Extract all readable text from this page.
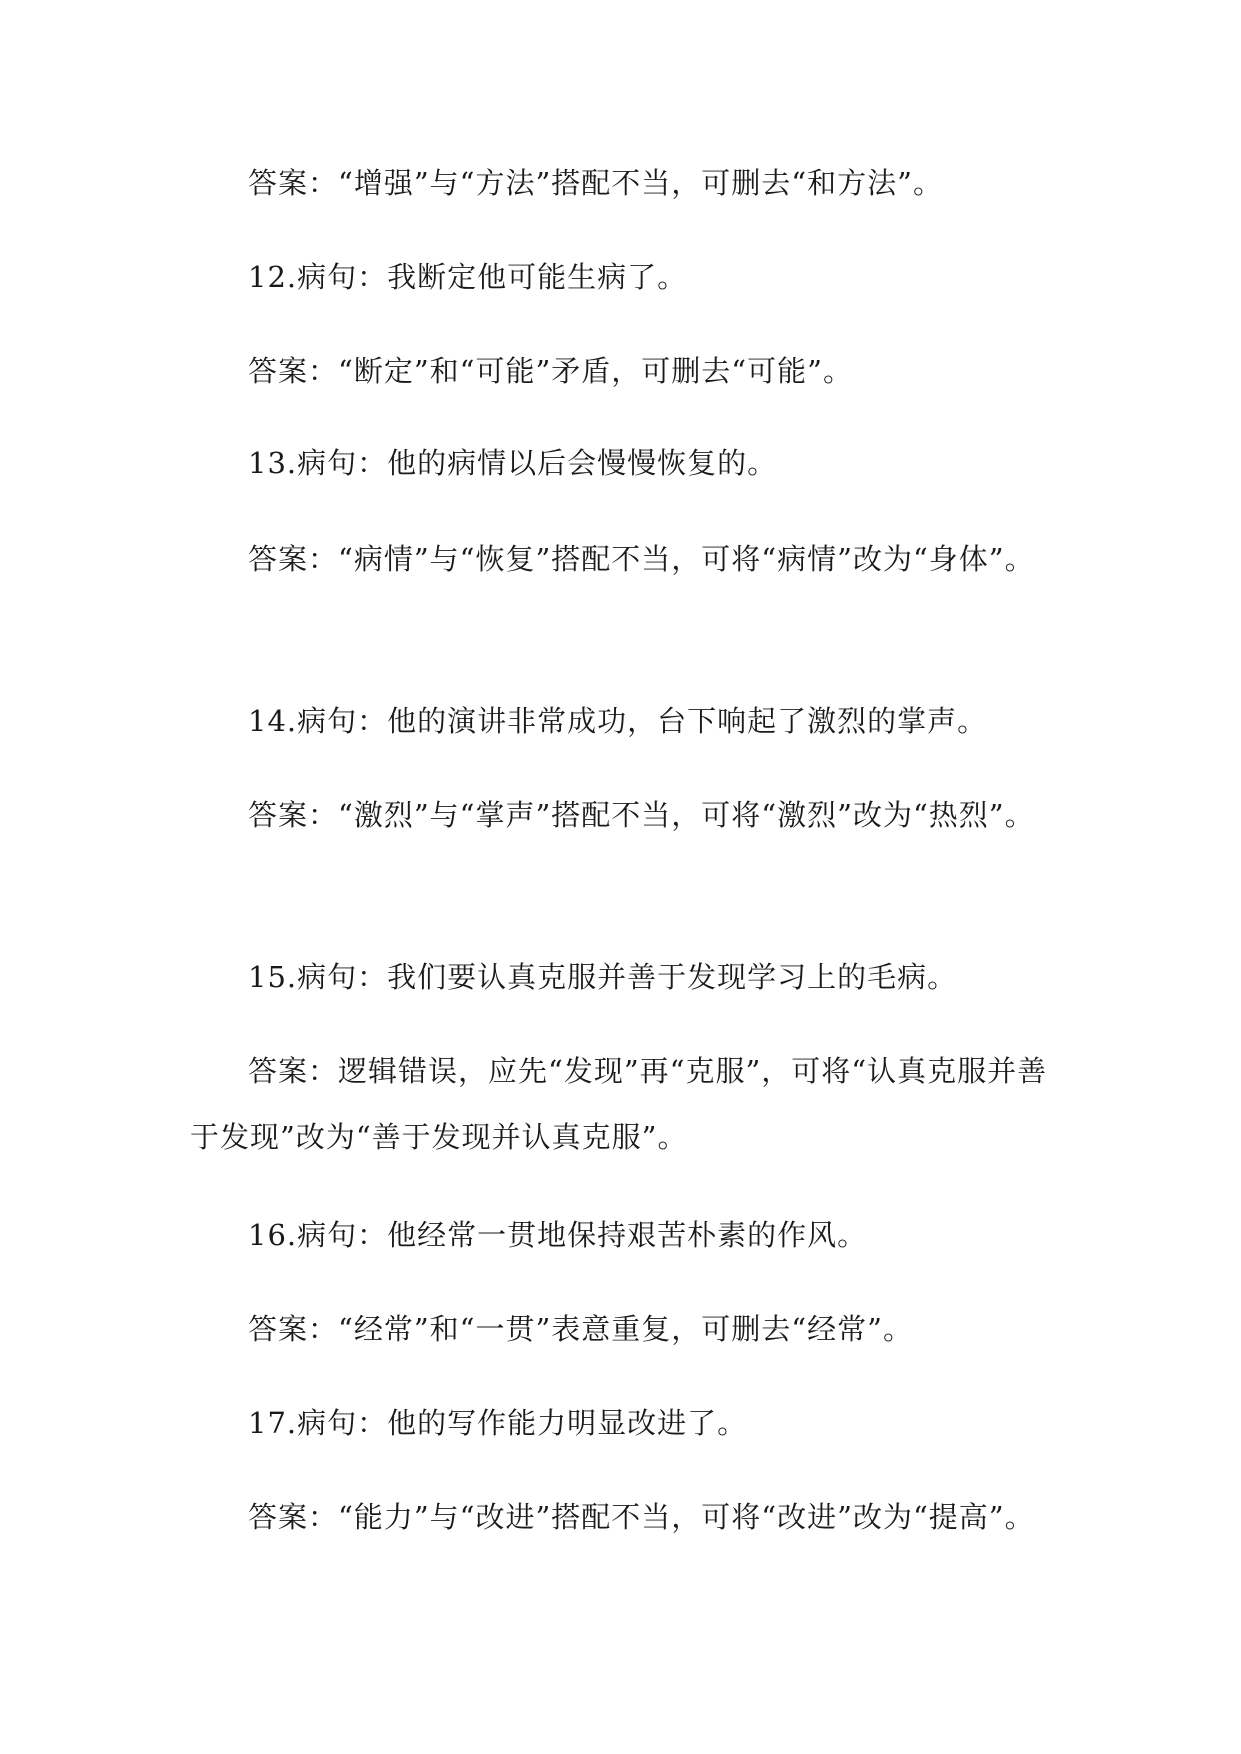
答案：“增强”与“方法”搭配不当，可删去“和方法”。

12.病句：我断定他可能生病了。

答案：“断定”和“可能”矛盾，可删去“可能”。

13.病句：他的病情以后会慢慢恢复的。

答案：“病情”与“恢复”搭配不当，可将“病情”改为“身体”。

14.病句：他的演讲非常成功，台下响起了激烈的掌声。

答案：“激烈”与“掌声”搭配不当，可将“激烈”改为“热烈”。

15.病句：我们要认真克服并善于发现学习上的毛病。

答案：逻辑错误，应先“发现”再“克服”，可将“认真克服并善于发现”改为“善于发现并认真克服”。

16.病句：他经常一贯地保持艰苦朴素的作风。

答案：“经常”和“一贯”表意重复，可删去“经常”。

17.病句：他的写作能力明显改进了。

答案：“能力”与“改进”搭配不当，可将“改进”改为“提高”。
